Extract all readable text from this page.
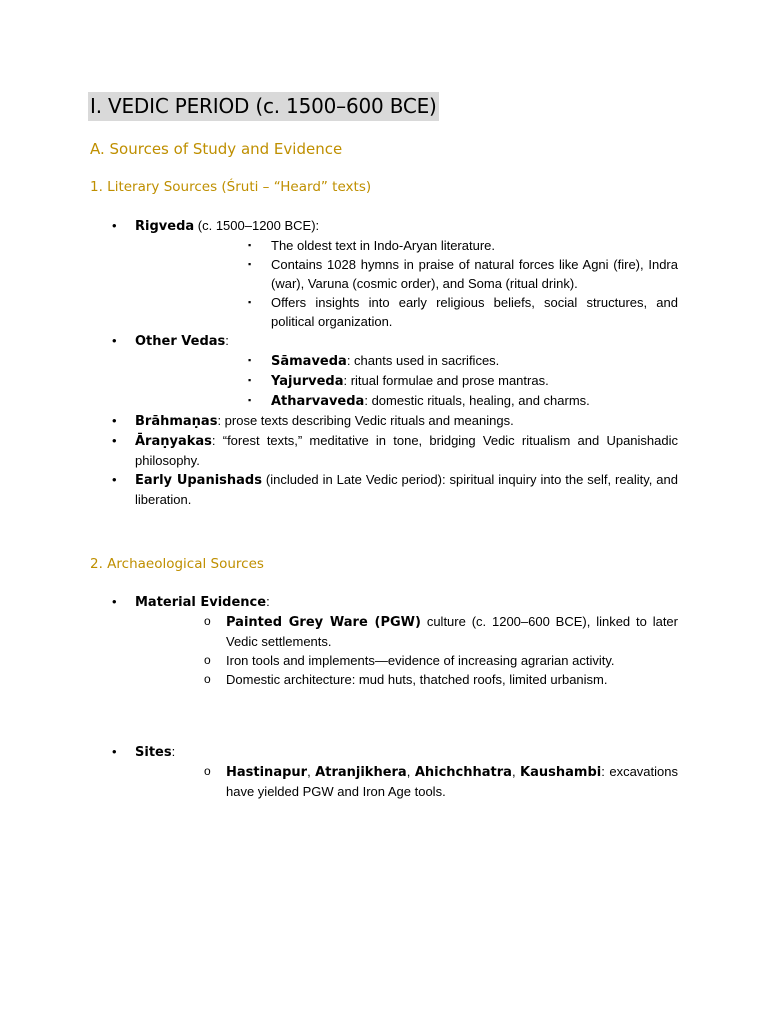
I. VEDIC PERIOD (c. 1500–600 BCE)
A. Sources of Study and Evidence
1. Literary Sources (Śruti – “Heard” texts)
• Rigveda (c. 1500–1200 BCE):
▪ The oldest text in Indo-Aryan literature.
▪ Contains 1028 hymns in praise of natural forces like Agni (fire), Indra (war), Varuna (cosmic order), and Soma (ritual drink).
▪ Offers insights into early religious beliefs, social structures, and political organization.
• Other Vedas:
▪ Sāmaveda: chants used in sacrifices.
▪ Yajurveda: ritual formulae and prose mantras.
▪ Atharvaveda: domestic rituals, healing, and charms.
• Brāhmaṇas: prose texts describing Vedic rituals and meanings.
• Āraṇyakas: “forest texts,” meditative in tone, bridging Vedic ritualism and Upanishadic philosophy.
• Early Upanishads (included in Late Vedic period): spiritual inquiry into the self, reality, and liberation.
2. Archaeological Sources
• Material Evidence:
o Painted Grey Ware (PGW) culture (c. 1200–600 BCE), linked to later Vedic settlements.
o Iron tools and implements—evidence of increasing agrarian activity.
o Domestic architecture: mud huts, thatched roofs, limited urbanism.
• Sites:
o Hastinapur, Atranjikhera, Ahichchhatra, Kaushambi: excavations have yielded PGW and Iron Age tools.
